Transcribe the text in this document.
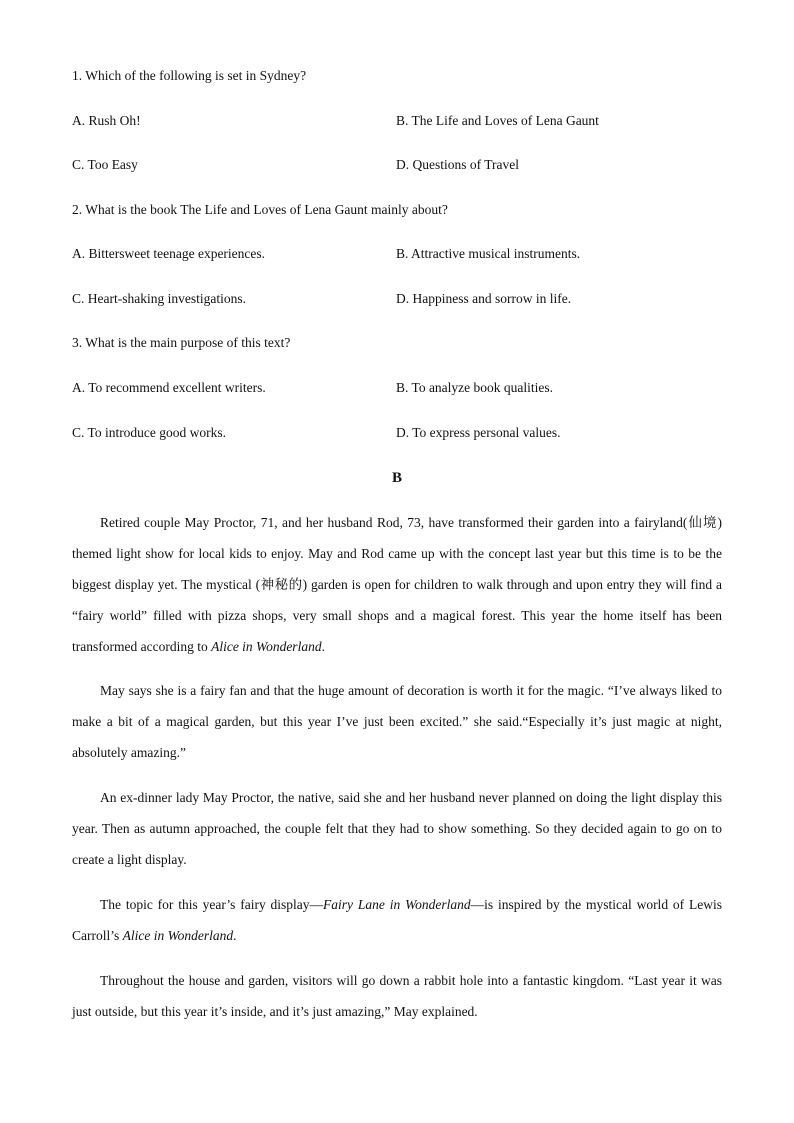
1. Which of the following is set in Sydney?
A. Rush Oh!	B. The Life and Loves of Lena Gaunt
C. Too Easy	D. Questions of Travel
2. What is the book The Life and Loves of Lena Gaunt mainly about?
A. Bittersweet teenage experiences.	B. Attractive musical instruments.
C. Heart-shaking investigations.	D. Happiness and sorrow in life.
3. What is the main purpose of this text?
A. To recommend excellent writers.	B. To analyze book qualities.
C. To introduce good works.	D. To express personal values.
B

Retired couple May Proctor, 71, and her husband Rod, 73, have transformed their garden into a fairyland(仙境) themed light show for local kids to enjoy. May and Rod came up with the concept last year but this time is to be the biggest display yet. The mystical (神秘的) garden is open for children to walk through and upon entry they will find a “fairy world” filled with pizza shops, very small shops and a magical forest. This year the home itself has been transformed according to Alice in Wonderland.

May says she is a fairy fan and that the huge amount of decoration is worth it for the magic. “I’ve always liked to make a bit of a magical garden, but this year I’ve just been excited.” she said.“Especially it’s just magic at night, absolutely amazing.”

An ex-dinner lady May Proctor, the native, said she and her husband never planned on doing the light display this year. Then as autumn approached, the couple felt that they had to show something. So they decided again to go on to create a light display.

The topic for this year’s fairy display—Fairy Lane in Wonderland—is inspired by the mystical world of Lewis Carroll’s Alice in Wonderland.

Throughout the house and garden, visitors will go down a rabbit hole into a fantastic kingdom. “Last year it was just outside, but this year it’s inside, and it’s just amazing,” May explained.
